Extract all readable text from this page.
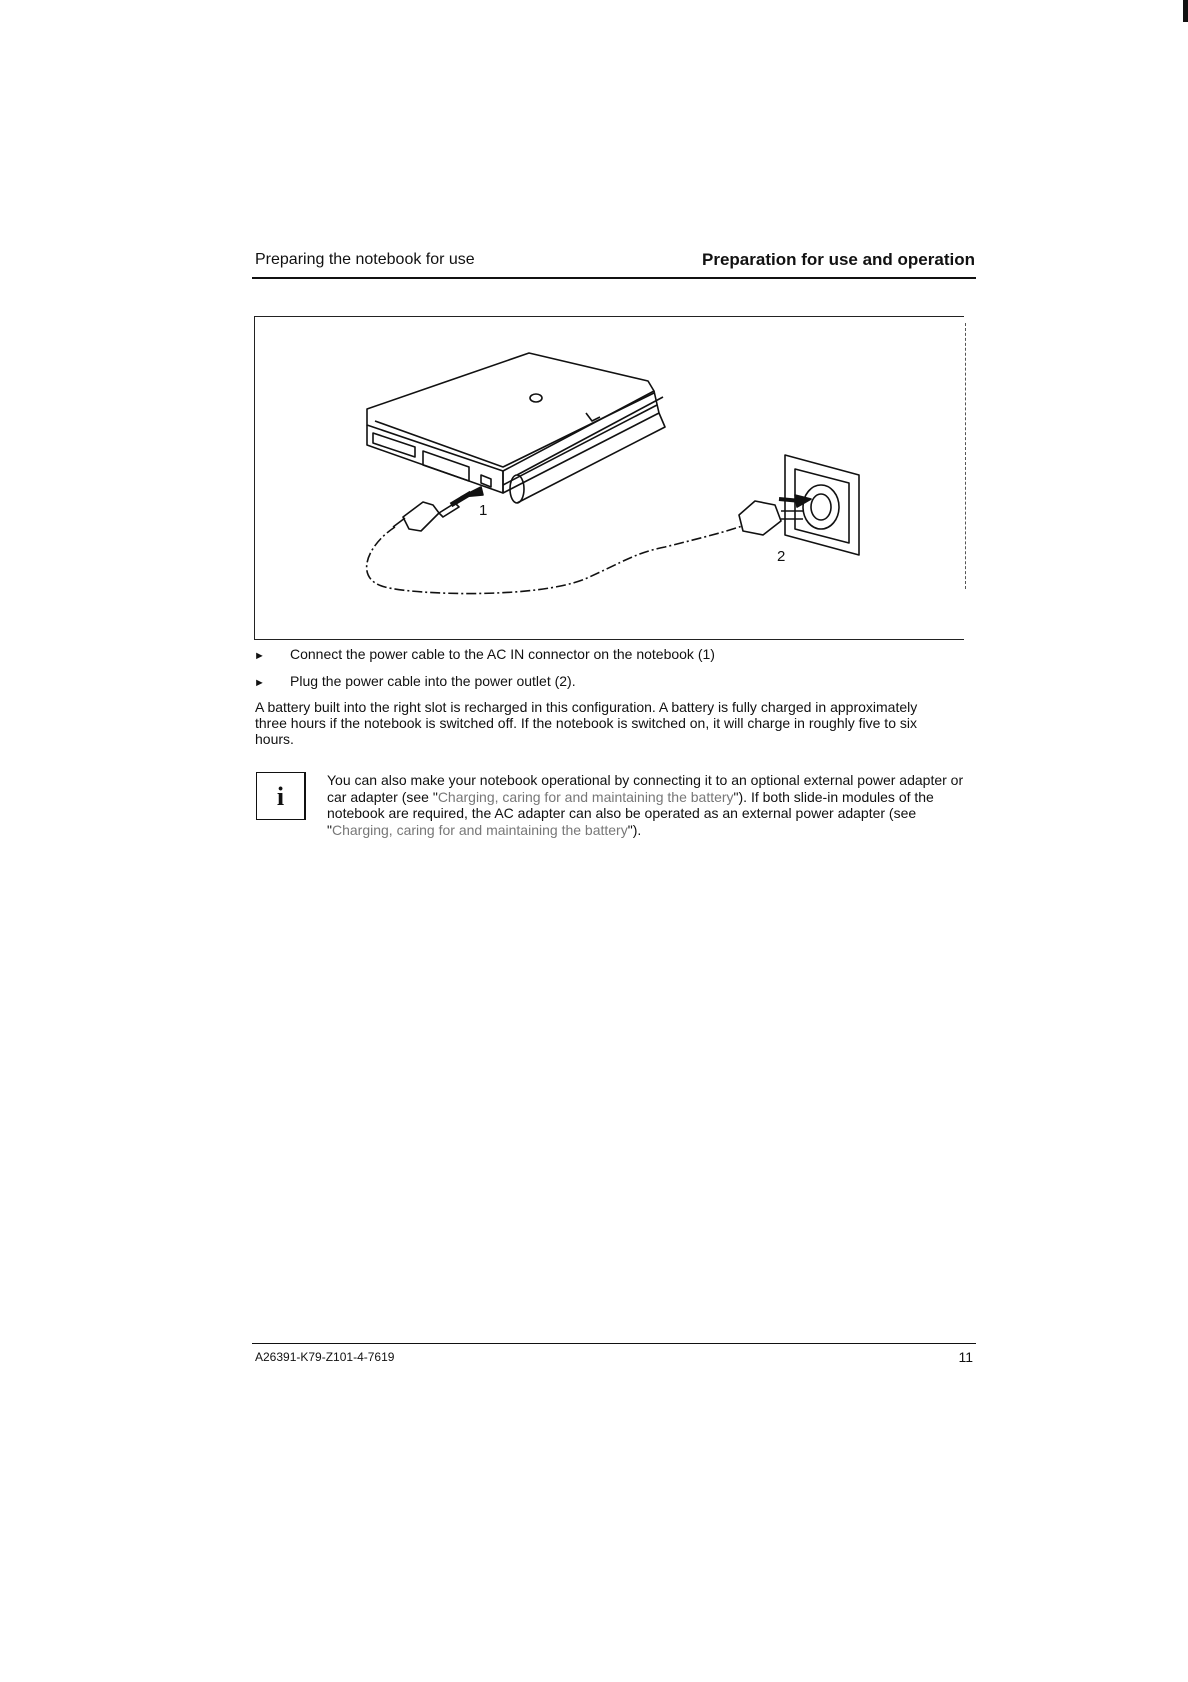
Preparing the notebook for use	Preparation for use and operation
1
2
► Connect the power cable to the AC IN connector on the notebook (1)
► Plug the power cable into the power outlet (2).
A battery built into the right slot is recharged in this configuration. A battery is fully charged in approximately three hours if the notebook is switched off. If the notebook is switched on, it will charge in roughly five to six hours.
i
You can also make your notebook operational by connecting it to an optional external power adapter or car adapter (see "Charging, caring for and maintaining the battery"). If both slide-in modules of the notebook are required, the AC adapter can also be operated as an external power adapter (see "Charging, caring for and maintaining the battery").
A26391-K79-Z101-4-7619	11
